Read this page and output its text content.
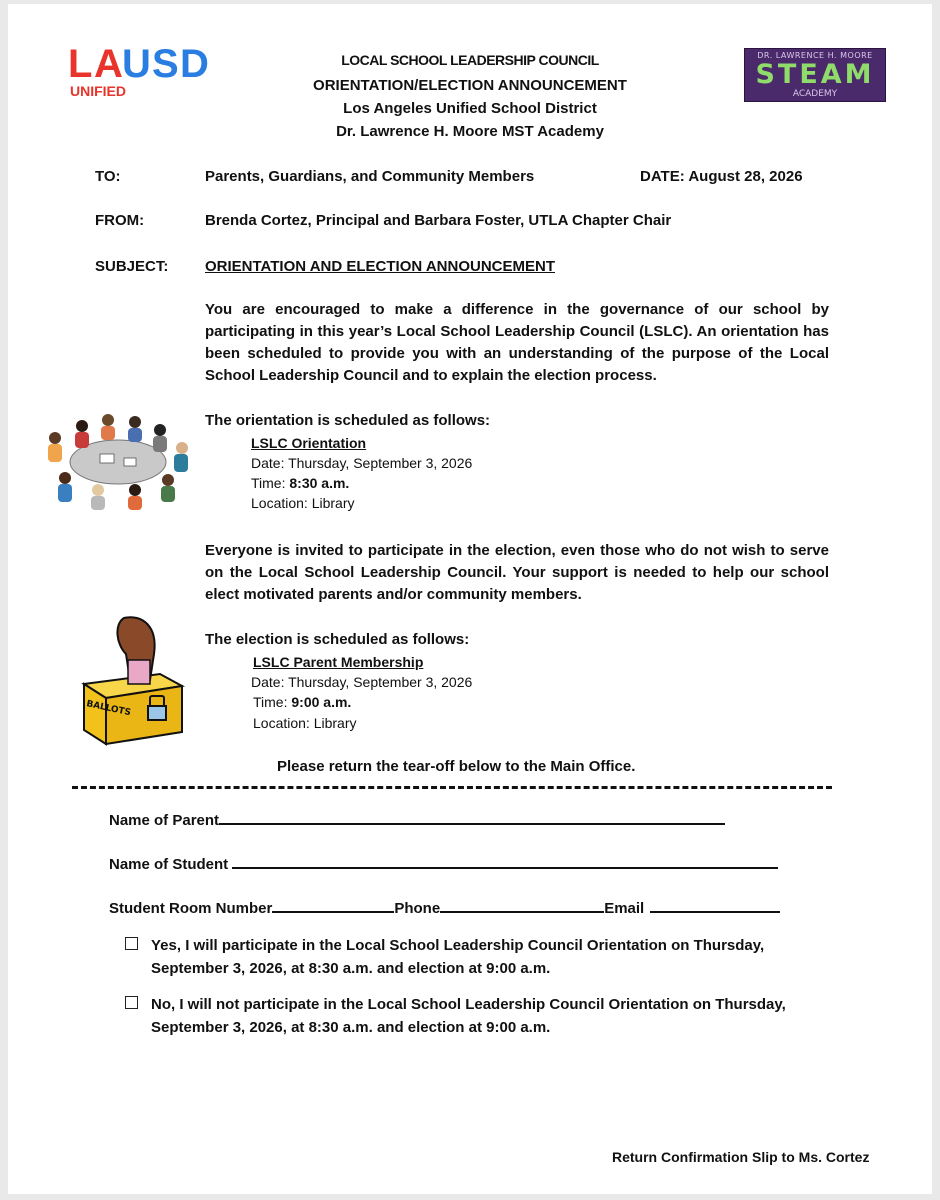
L A U S D
UNIFIED
DR. LAWRENCE H. MOORE
STEAM
ACADEMY
LOCAL SCHOOL LEADERSHIP COUNCIL
ORIENTATION/ELECTION ANNOUNCEMENT
Los Angeles Unified School District
Dr. Lawrence H. Moore MST Academy
TO:	Parents, Guardians, and Community Members	DATE: August 28, 2026
FROM:	Brenda Cortez, Principal and Barbara Foster, UTLA Chapter Chair
SUBJECT: ORIENTATION AND ELECTION ANNOUNCEMENT
You are encouraged to make a difference in the governance of our school by participating in this year’s Local School Leadership Council (LSLC). An orientation has been scheduled to provide you with an understanding of the purpose of the Local School Leadership Council and to explain the election process.
The orientation is scheduled as follows:
LSLC Orientation
Date: Thursday, September 3, 2026
Time: 8:30 a.m.
Location: Library
Everyone is invited to participate in the election, even those who do not wish to serve on the Local School Leadership Council. Your support is needed to help our school elect motivated parents and/or community members.
BALLOTS
The election is scheduled as follows:
LSLC Parent Membership
Date: Thursday, September 3, 2026
Time: 9:00 a.m.
Location: Library
Please return the tear-off below to the Main Office.
Name of Parent
Name of Student
Student Room Number	Phone	Email
Yes, I will participate in the Local School Leadership Council Orientation on Thursday,
September 3, 2026, at 8:30 a.m. and election at 9:00 a.m.
No, I will not participate in the Local School Leadership Council Orientation on Thursday,
September 3, 2026, at 8:30 a.m. and election at 9:00 a.m.
Return Confirmation Slip to Ms. Cortez
